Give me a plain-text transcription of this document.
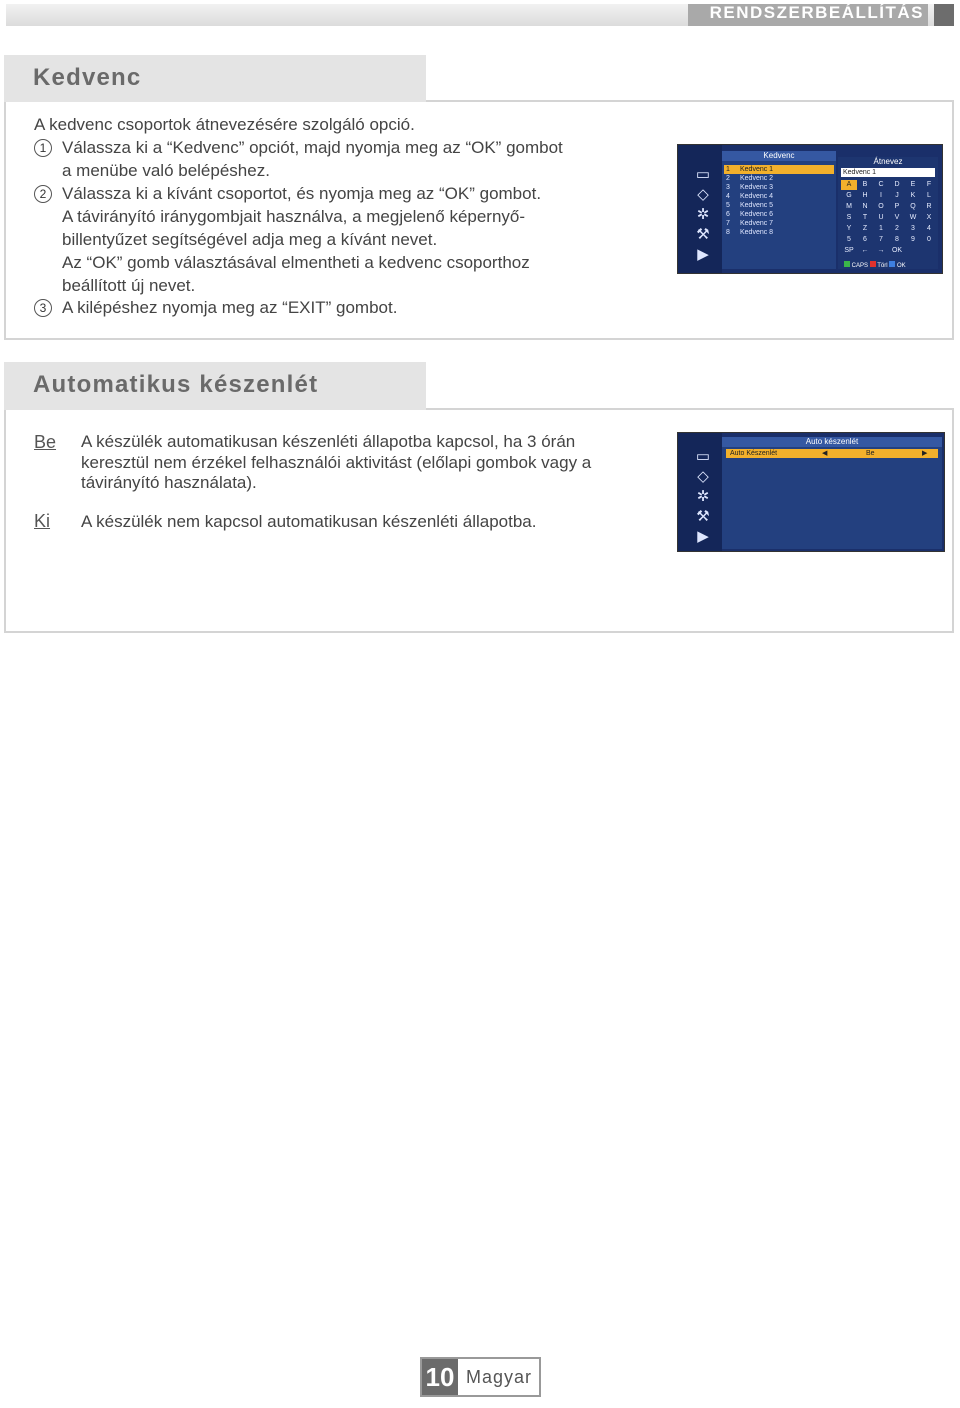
RENDSZERBEÁLLÍTÁS
Kedvenc
A kedvenc csoportok átnevezésére szolgáló opció.
1 Válassza ki a “Kedvenc” opciót, majd nyomja meg az “OK” gombot
a menübe való belépéshez.
2 Válassza ki a kívánt csoportot, és nyomja meg az “OK” gombot.
A távirányító iránygombjait használva, a megjelenő képernyő-
billentyűzet segítségével adja meg a kívánt nevet.
Az “OK” gomb választásával elmentheti a kedvenc csoporthoz
beállított új nevet.
3 A kilépéshez nyomja meg az “EXIT” gombot.
▭
◇
✲
⚒
▶
Kedvenc
1 Kedvenc 1
2 Kedvenc 2
3 Kedvenc 3
4 Kedvenc 4
5 Kedvenc 5
6 Kedvenc 6
7 Kedvenc 7
8 Kedvenc 8
Átnevez
Kedvenc 1
A	B	C	D	E	F
G	H	I	J	K	L
M	N	O	P	Q	R
S	T	U	V	W	X
Y	Z	1	2	3	4
5	6	7	8	9	0
SP	←	→	OK
CAPS Törl OK
Automatikus készenlét
Be A készülék automatikusan készenléti állapotba kapcsol, ha 3 órán keresztül nem érzékel felhasználói aktivitást (előlapi gombok vagy a távirányító használata).
Ki A készülék nem kapcsol automatikusan készenléti állapotba.
▭
◇
✲
⚒
▶
Auto készenlét
Auto Készenlét	◀	Be	▶
10 Magyar
